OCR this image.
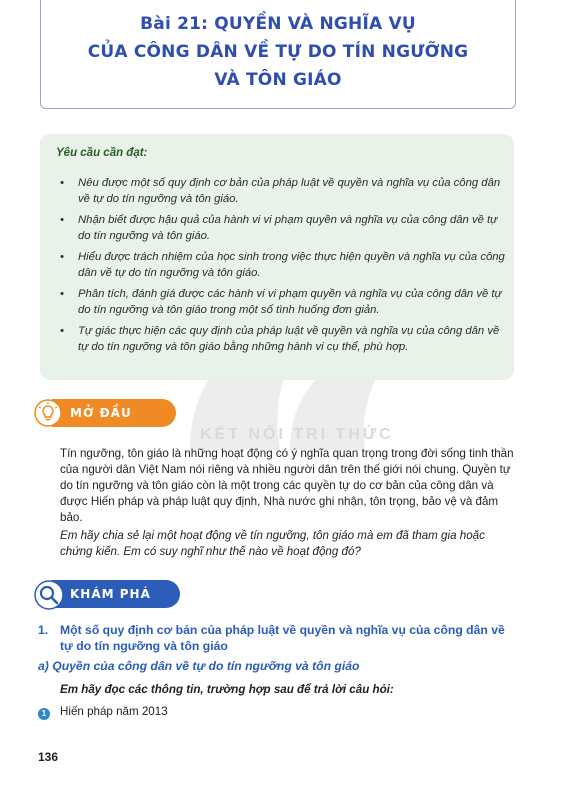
Bài 21: QUYỀN VÀ NGHĨA VỤ
CỦA CÔNG DÂN VỀ TỰ DO TÍN NGƯỠNG
VÀ TÔN GIÁO
Yêu cầu cần đạt:
• Nêu được một số quy định cơ bản của pháp luật về quyền và nghĩa vụ của công dân về tự do tín ngưỡng và tôn giáo.
• Nhận biết được hậu quả của hành vi vi phạm quyền và nghĩa vụ của công dân về tự do tín ngưỡng và tôn giáo.
• Hiểu được trách nhiệm của học sinh trong việc thực hiện quyền và nghĩa vụ của công dân về tự do tín ngưỡng và tôn giáo.
• Phân tích, đánh giá được các hành vi vi phạm quyền và nghĩa vụ của công dân về tự do tín ngưỡng và tôn giáo trong một số tình huống đơn giản.
• Tự giác thực hiện các quy định của pháp luật về quyền và nghĩa vụ của công dân về tự do tín ngưỡng và tôn giáo bằng những hành vi cụ thể, phù hợp.
KẾT NỐI TRI THỨC
MỞ ĐẦU

Tín ngưỡng, tôn giáo là những hoạt động có ý nghĩa quan trọng trong đời sống tinh thần của người dân Việt Nam nói riêng và nhiều người dân trên thế giới nói chung. Quyền tự do tín ngưỡng và tôn giáo còn là một trong các quyền tự do cơ bản của công dân và được Hiến pháp và pháp luật quy định, Nhà nước ghi nhận, tôn trọng, bảo vệ và đảm bảo.

Em hãy chia sẻ lại một hoạt động về tín ngưỡng, tôn giáo mà em đã tham gia hoặc chứng kiến. Em có suy nghĩ như thế nào về hoạt động đó?

KHÁM PHÁ
1. Một số quy định cơ bản của pháp luật về quyền và nghĩa vụ của công dân về tự do tín ngưỡng và tôn giáo
a) Quyền của công dân về tự do tín ngưỡng và tôn giáo
Em hãy đọc các thông tin, trường hợp sau để trả lời câu hỏi:
1 Hiến pháp năm 2013
136
